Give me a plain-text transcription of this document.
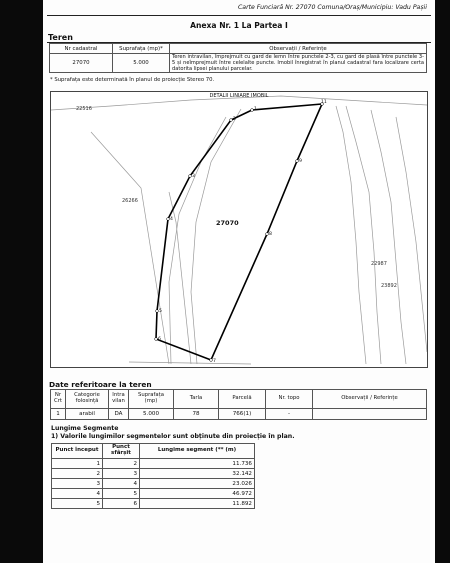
Carte Funciară Nr. 27070 Comuna/Oraș/Municipiu: Vadu Pașii
Anexa Nr. 1 La Partea I
Teren
Nr cadastral	Suprafața (mp)*	Observații / Referințe
27070	5.000	Teren intravilan, împrejmuit cu gard de lemn între punctele 2-3, cu gard de plasă între punctele 3-5 și neîmprejmuit între celelalte puncte. Imobil înregistrat în planul cadastral fara localizare certa datorita lipsei planului parcelar.
* Suprafața este determinată în planul de proiecție Stereo 70.
22516
26266
22987
23892
1
2
3
4
5
6
7
8
9
11
27070
DETALII LINIARE IMOBIL
Date referitoare la teren
Nr Crt	Categorie folosință	Intra vilan	Suprafața (mp)	Tarla	Parcelă	Nr. topo	Observații / Referințe
1	arabil	DA	5.000	78	766(1)	-	
Lungime Segmente
1) Valorile lungimilor segmentelor sunt obținute din proiecție în plan.
Punct început	Punct sfârșit	Lungime segment (** (m)
1	2	11.736
2	3	32.142
3	4	23.026
4	5	46.972
5	6	11.892
